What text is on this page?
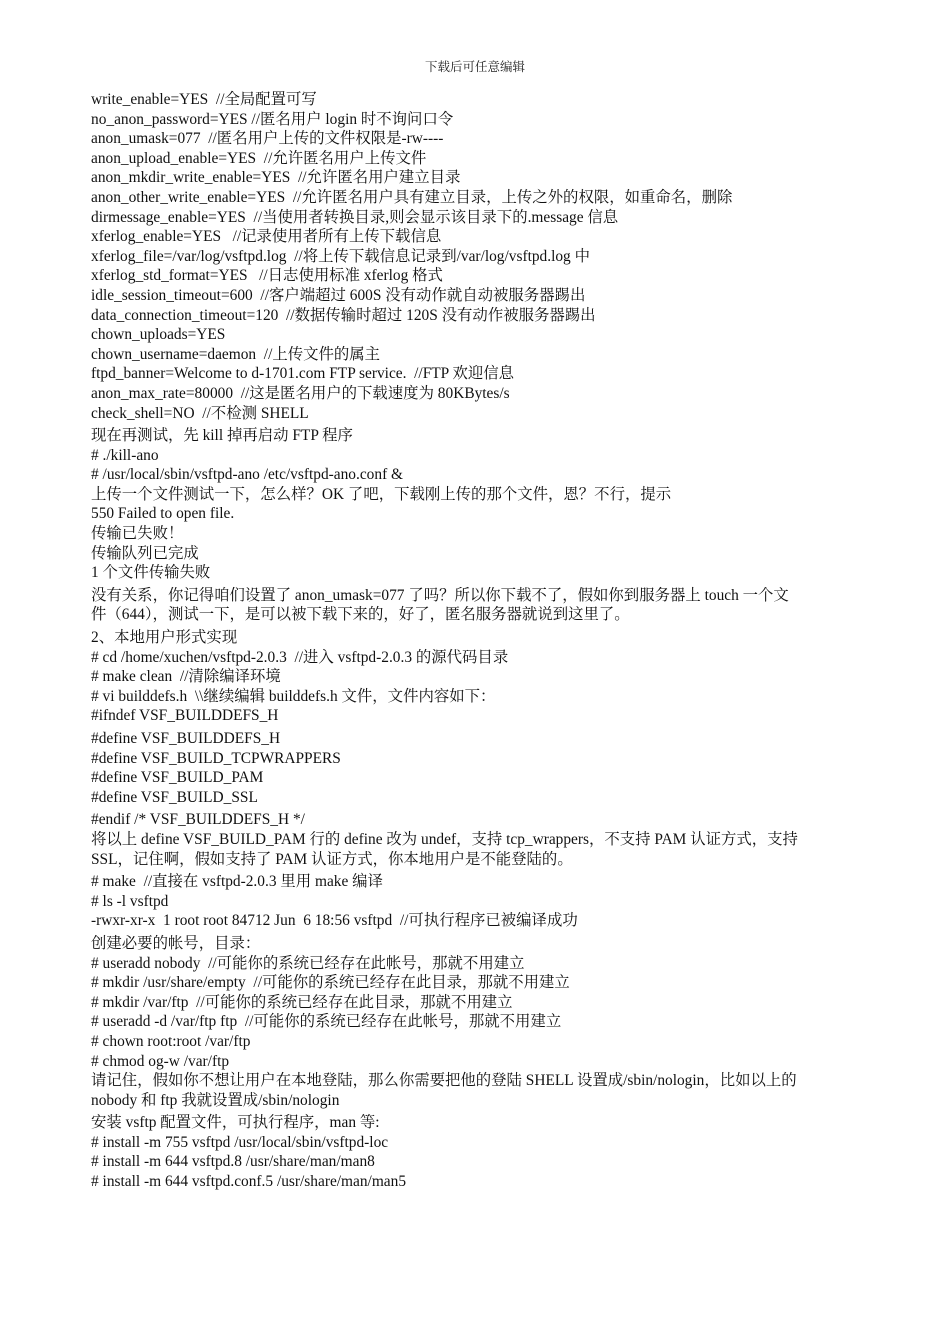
下载后可任意编辑
write_enable=YES  //全局配置可写
no_anon_password=YES //匿名用户 login 时不询问口令
anon_umask=077  //匿名用户上传的文件权限是-rw----
anon_upload_enable=YES  //允许匿名用户上传文件
anon_mkdir_write_enable=YES  //允许匿名用户建立目录
anon_other_write_enable=YES  //允许匿名用户具有建立目录，上传之外的权限，如重命名，删除
dirmessage_enable=YES  //当使用者转换目录,则会显示该目录下的.message 信息
xferlog_enable=YES   //记录使用者所有上传下载信息
xferlog_file=/var/log/vsftpd.log  //将上传下载信息记录到/var/log/vsftpd.log 中
xferlog_std_format=YES   //日志使用标准 xferlog 格式
idle_session_timeout=600  //客户端超过 600S 没有动作就自动被服务器踢出
data_connection_timeout=120  //数据传输时超过 120S 没有动作被服务器踢出
chown_uploads=YES
chown_username=daemon  //上传文件的属主
ftpd_banner=Welcome to d-1701.com FTP service.  //FTP 欢迎信息
anon_max_rate=80000  //这是匿名用户的下载速度为 80KBytes/s
check_shell=NO  //不检测 SHELL
现在再测试，先 kill 掉再启动 FTP 程序
# ./kill-ano
# /usr/local/sbin/vsftpd-ano /etc/vsftpd-ano.conf &
上传一个文件测试一下，怎么样？OK 了吧，下载刚上传的那个文件，恩？不行，提示
550 Failed to open file.
传输已失败！
传输队列已完成
1 个文件传输失败
没有关系，你记得咱们设置了 anon_umask=077 了吗？所以你下载不了，假如你到服务器上 touch 一个文
件（644），测试一下，是可以被下载下来的，好了，匿名服务器就说到这里了。
2、本地用户形式实现
# cd /home/xuchen/vsftpd-2.0.3  //进入 vsftpd-2.0.3 的源代码目录
# make clean  //清除编译环境
# vi builddefs.h  \\继续编辑 builddefs.h 文件，文件内容如下：
#ifndef VSF_BUILDDEFS_H
#define VSF_BUILDDEFS_H
#define VSF_BUILD_TCPWRAPPERS
#define VSF_BUILD_PAM
#define VSF_BUILD_SSL
#endif /* VSF_BUILDDEFS_H */
将以上 define VSF_BUILD_PAM 行的 define 改为 undef，支持 tcp_wrappers，不支持 PAM 认证方式，支持
SSL，记住啊，假如支持了 PAM 认证方式，你本地用户是不能登陆的。
# make  //直接在 vsftpd-2.0.3 里用 make 编译
# ls -l vsftpd
-rwxr-xr-x  1 root root 84712 Jun  6 18:56 vsftpd  //可执行程序已被编译成功
创建必要的帐号，目录：
# useradd nobody  //可能你的系统已经存在此帐号，那就不用建立
# mkdir /usr/share/empty  //可能你的系统已经存在此目录，那就不用建立
# mkdir /var/ftp  //可能你的系统已经存在此目录，那就不用建立
# useradd -d /var/ftp ftp  //可能你的系统已经存在此帐号，那就不用建立
# chown root:root /var/ftp
# chmod og-w /var/ftp
请记住，假如你不想让用户在本地登陆，那么你需要把他的登陆 SHELL 设置成/sbin/nologin，比如以上的
nobody 和 ftp 我就设置成/sbin/nologin
安装 vsftp 配置文件，可执行程序，man 等:
# install -m 755 vsftpd /usr/local/sbin/vsftpd-loc
# install -m 644 vsftpd.8 /usr/share/man/man8
# install -m 644 vsftpd.conf.5 /usr/share/man/man5
